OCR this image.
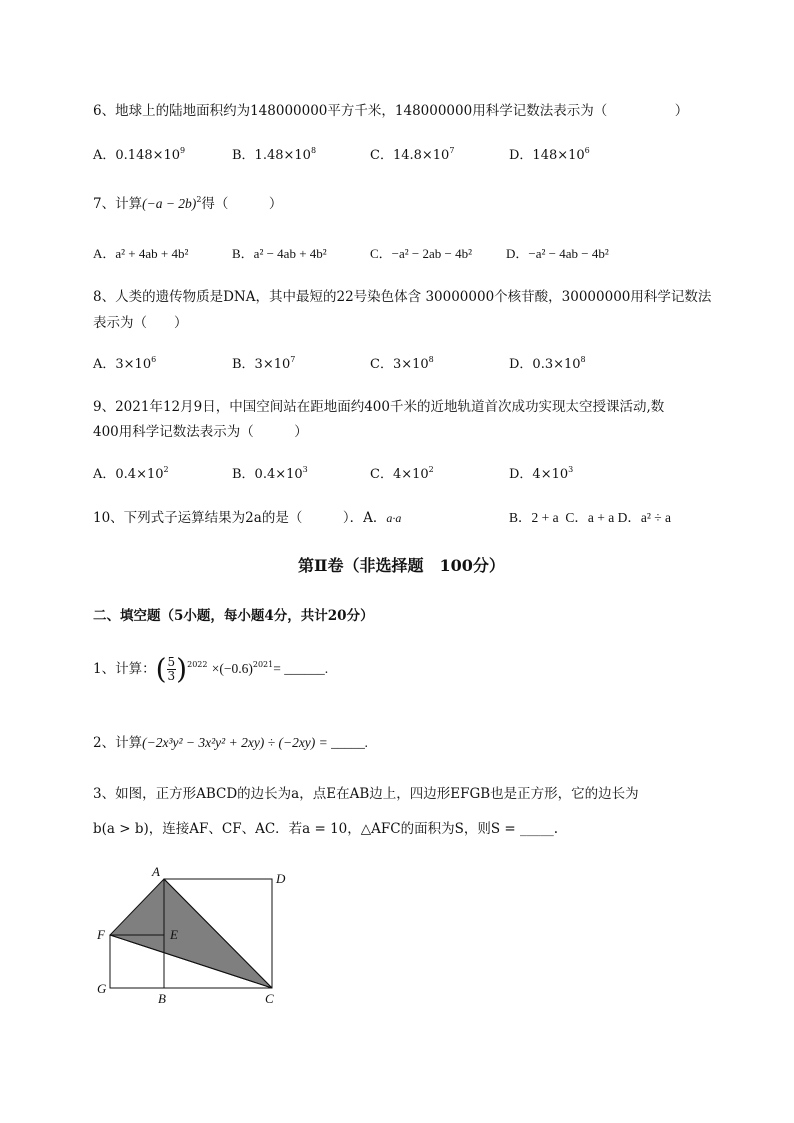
6、地球上的陆地面积约为148000000平方千米，148000000用科学记数法表示为（　　　　　）
A．$0.148\times 10^9$	B．$1.48\times 10^8$	C．$14.8\times 10^7$	D．$148\times 10^6$
7、计算$(-a - 2b)^2$得（　　　）
A．a² + 4ab + 4b²	B．a² − 4ab + 4b²	C．−a² − 2ab − 4b²	D．−a² − 4ab − 4b²
8、人类的遗传物质是DNA，其中最短的22号染色体含 30000000个核苷酸，30000000用科学记数法
表示为（　　）
A．$3\times 10^6$	B．$3\times 10^7$	C．$3\times 10^8$	D．$0.3\times 10^8$
9、2021年12月9日，中国空间站在距地面约400千米的近地轨道首次成功实现太空授课活动,数
400用科学记数法表示为（　　　）
A．$0.4\times 10^2$	B．$0.4\times 10^3$	C．$4\times 10^2$	D．$4\times 10^3$
10、下列式子运算结果为2a的是（　　　）．A．a·a	B．2 + a C．a + a D．a² ÷ a
第Ⅱ卷（非选择题　100分）
二、填空题（5小题，每小题4分，共计20分）
1、计算：( $\frac{5}{3} )^{2022} \times(-0.6)^{2021}=$ ______.
2、计算(−2x³y² − 3x²y² + 2xy) ÷ (−2xy) = _____.
3、如图，正方形ABCD的边长为a，点E在AB边上，四边形EFGB也是正方形，它的边长为
b(a > b)，连接AF、CF、AC．若a = 10，△AFC的面积为S，则S = _____.
A	D
F	E
G
B	C
